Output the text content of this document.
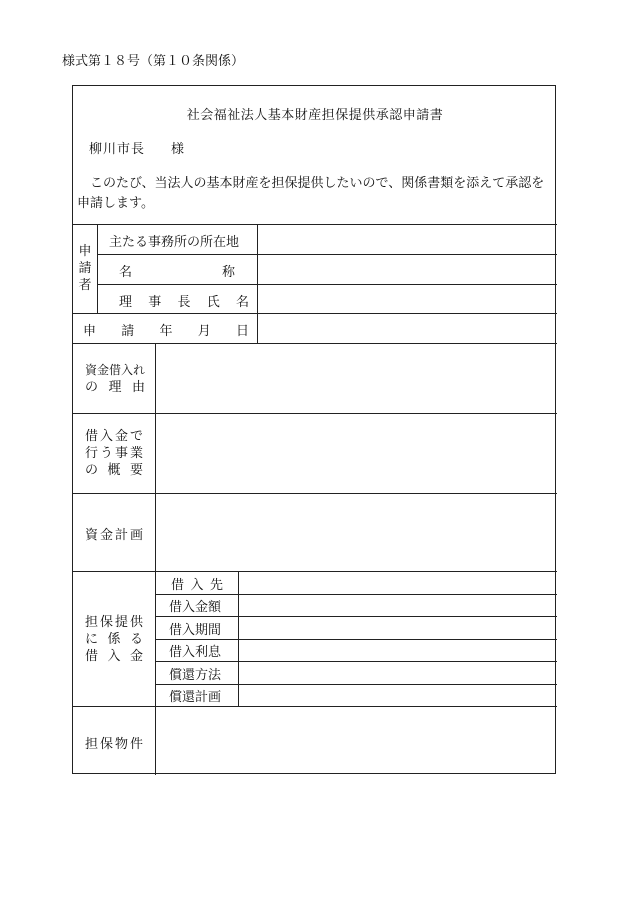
様式第１８号（第１０条関係）
社会福祉法人基本財産担保提供承認申請書
柳川市長 様
このたび、当法人の基本財産を担保提供したいので、関係書類を添えて承認を申請します。
申
請
者
主たる事務所の所在地
名	称
理 事 長 氏 名
申 請 年 月 日
資金借入れ
の 理 由
借 入 金 で
行 う 事 業
の 概 要
資 金 計 画
担 保 提 供
に 係 る
借 入 金
借 入 先
借入金額
借入期間
借入利息
償還方法
償還計画
担 保 物 件
